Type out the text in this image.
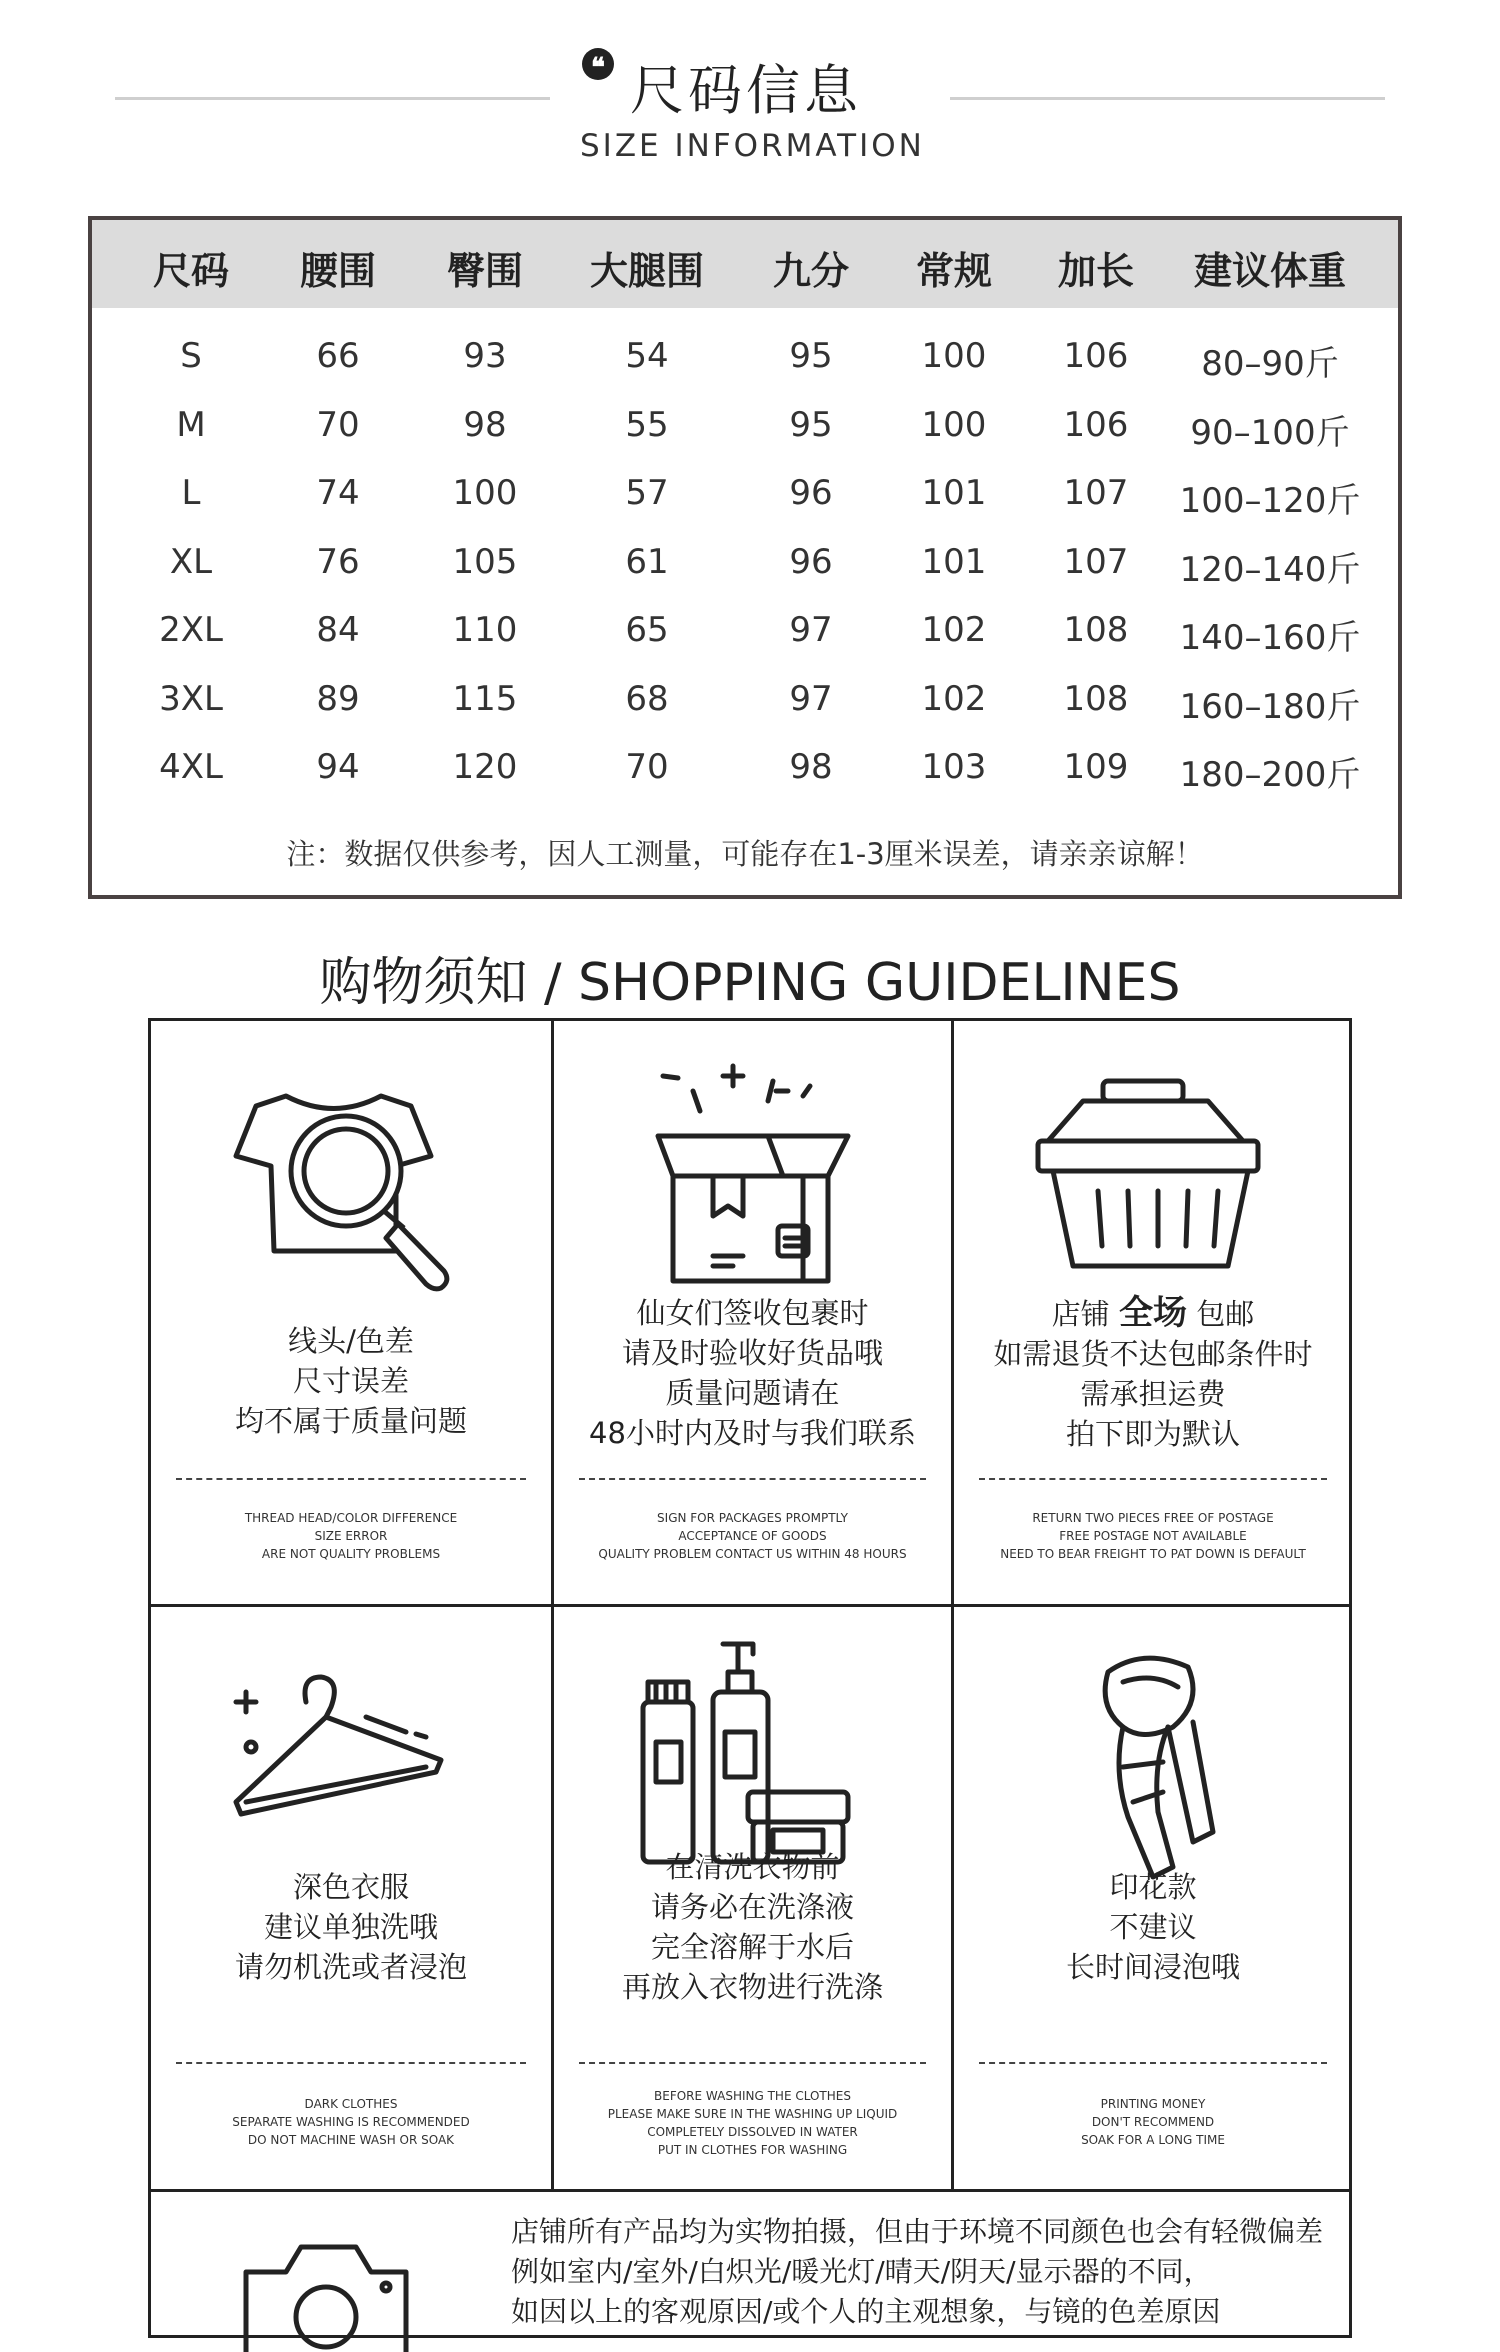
❝ 尺码信息
SIZE INFORMATION
尺码 腰围 臀围 大腿围 九分 常规 加长 建议体重
S	66	93	54	95	100 106 80–90斤
M	70	98	55	95	100 106 90–100斤
L	74	100	57	96	101 107 100–120斤
XL	76	105	61	96	101 107 120–140斤
2XL	84	110	65	97	102 108 140–160斤
3XL	89	115	68	97	102 108 160–180斤
4XL	94	120	70	98	103 109 180–200斤
注：数据仅供参考，因人工测量，可能存在1-3厘米误差，请亲亲谅解！
购物须知 / SHOPPING GUIDELINES
线头/色差
尺寸误差
均不属于质量问题
THREAD HEAD/COLOR DIFFERENCE
SIZE ERROR
ARE NOT QUALITY PROBLEMS
仙女们签收包裹时
请及时验收好货品哦
质量问题请在
48小时内及时与我们联系
SIGN FOR PACKAGES PROMPTLY
ACCEPTANCE OF GOODS
QUALITY PROBLEM CONTACT US WITHIN 48 HOURS
店铺 全场 包邮
如需退货不达包邮条件时
需承担运费
拍下即为默认
RETURN TWO PIECES FREE OF POSTAGE
FREE POSTAGE NOT AVAILABLE
NEED TO BEAR FREIGHT TO PAT DOWN IS DEFAULT
深色衣服
建议单独洗哦
请勿机洗或者浸泡
DARK CLOTHES
SEPARATE WASHING IS RECOMMENDED
DO NOT MACHINE WASH OR SOAK
在清洗衣物前
请务必在洗涤液
完全溶解于水后
再放入衣物进行洗涤
BEFORE WASHING THE CLOTHES
PLEASE MAKE SURE IN THE WASHING UP LIQUID
COMPLETELY DISSOLVED IN WATER
PUT IN CLOTHES FOR WASHING
印花款
不建议
长时间浸泡哦
PRINTING MONEY
DON'T RECOMMEND
SOAK FOR A LONG TIME
店铺所有产品均为实物拍摄，但由于环境不同颜色也会有轻微偏差
例如室内/室外/白炽光/暖光灯/晴天/阴天/显示器的不同，
如因以上的客观原因/或个人的主观想象，与镜的色差原因
